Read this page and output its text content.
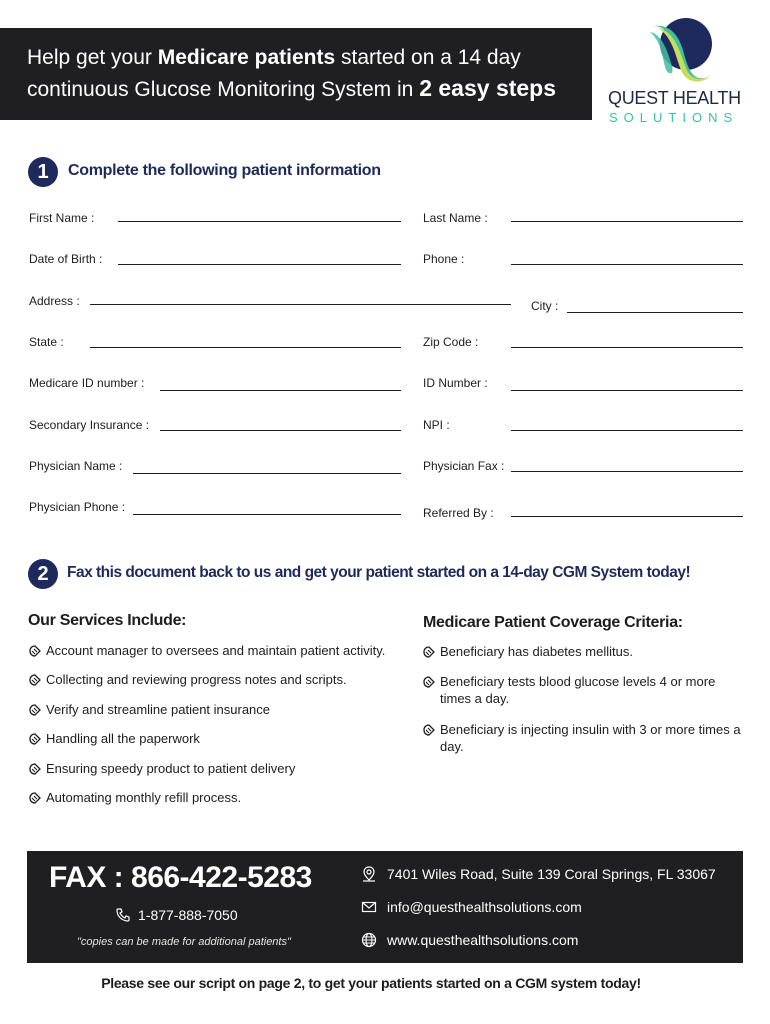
Help get your Medicare patients started on a 14 day
continuous Glucose Monitoring System in 2 easy steps	QUEST HEALTH
SOLUTIONS
1	Complete the following patient information
First Name :	Last Name :
Date of Birth :	Phone :
Address :	City :
State :	Zip Code :
Medicare ID number :	ID Number :
Secondary Insurance :	NPI :
Physician Name :	Physician Fax :
Physician Phone :	Referred By :
2	Fax this document back to us and get your patient started on a 14-day CGM System today!
Our Services Include:
Account manager to oversees and maintain patient activity.
Collecting and reviewing progress notes and scripts.
Verify and streamline patient insurance
Handling all the paperwork
Ensuring speedy product to patient delivery
Automating monthly refill process.
Medicare Patient Coverage Criteria:
Beneficiary has diabetes mellitus.
Beneficiary tests blood glucose levels 4 or more times a day.
Beneficiary is injecting insulin with 3 or more times a day.
FAX : 866-422-5283
1-877-888-7050
"copies can be made for additional patients"
7401 Wiles Road, Suite 139 Coral Springs, FL 33067
info@questhealthsolutions.com
www.questhealthsolutions.com
Please see our script on page 2, to get your patients started on a CGM system today!
